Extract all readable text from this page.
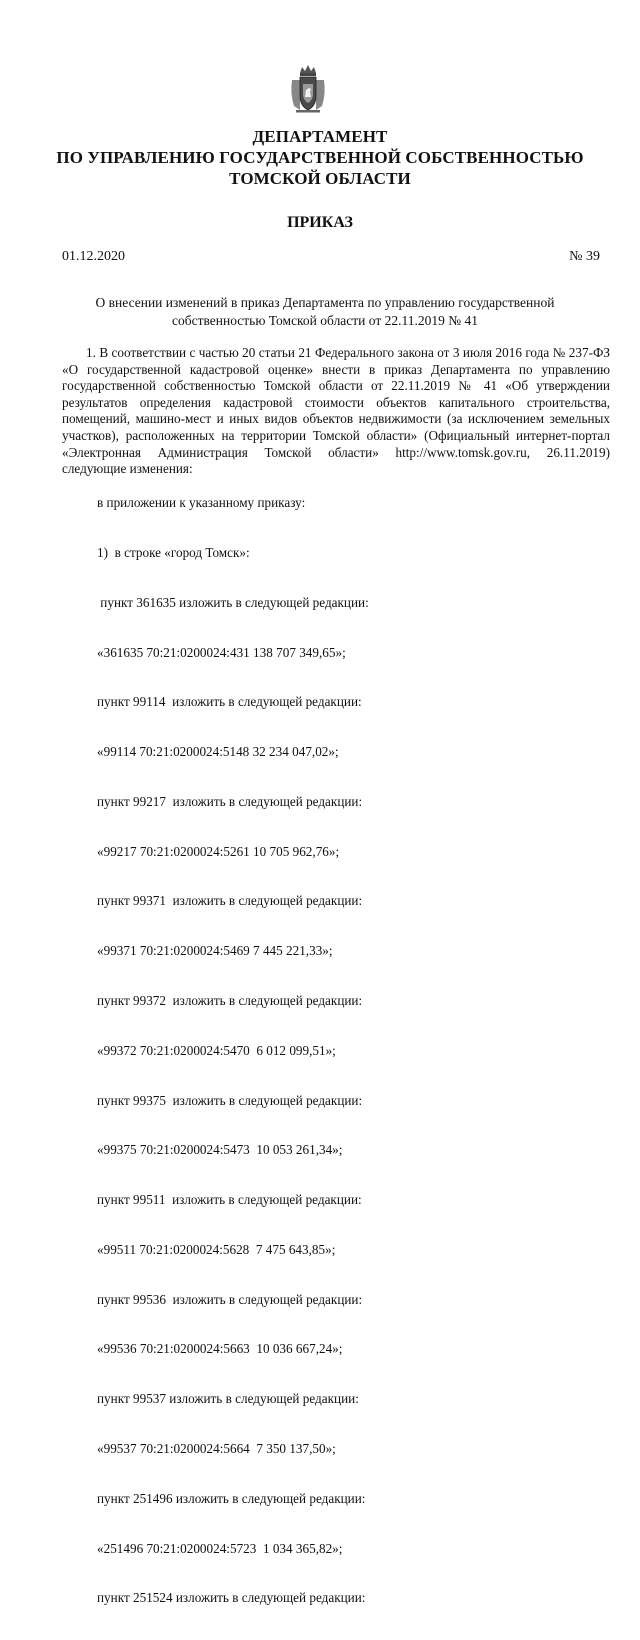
ДЕПАРТАМЕНТ
ПО УПРАВЛЕНИЮ ГОСУДАРСТВЕННОЙ СОБСТВЕННОСТЬЮ
ТОМСКОЙ ОБЛАСТИ
ПРИКАЗ
01.12.2020	№ 39
О внесении изменений в приказ Департамента по управлению государственной собственностью Томской области от 22.11.2019 № 41

1. В соответствии с частью 20 статьи 21 Федерального закона от 3 июля 2016 года № 237-ФЗ «О государственной кадастровой оценке» внести в приказ Департамента по управлению государственной собственностью Томской области от 22.11.2019 № 41 «Об утверждении результатов определения кадастровой стоимости объектов капитального строительства, помещений, машино-мест и иных видов объектов недвижимости (за исключением земельных участков), расположенных на территории Томской области» (Официальный интернет-портал «Электронная Администрация Томской области» http://www.tomsk.gov.ru, 26.11.2019) следующие изменения:

в приложении к указанному приказу:

1)  в строке «город Томск»:

пункт 361635 изложить в следующей редакции:

«361635 70:21:0200024:431 138 707 349,65»;

пункт 99114  изложить в следующей редакции:

«99114 70:21:0200024:5148 32 234 047,02»;

пункт 99217  изложить в следующей редакции:

«99217 70:21:0200024:5261 10 705 962,76»;

пункт 99371  изложить в следующей редакции:

«99371 70:21:0200024:5469 7 445 221,33»;

пункт 99372  изложить в следующей редакции:

«99372 70:21:0200024:5470  6 012 099,51»;

пункт 99375  изложить в следующей редакции:

«99375 70:21:0200024:5473  10 053 261,34»;

пункт 99511  изложить в следующей редакции:

«99511 70:21:0200024:5628  7 475 643,85»;

пункт 99536  изложить в следующей редакции:

«99536 70:21:0200024:5663  10 036 667,24»;

пункт 99537 изложить в следующей редакции:

«99537 70:21:0200024:5664  7 350 137,50»;

пункт 251496 изложить в следующей редакции:

«251496 70:21:0200024:5723  1 034 365,82»;

пункт 251524 изложить в следующей редакции:
